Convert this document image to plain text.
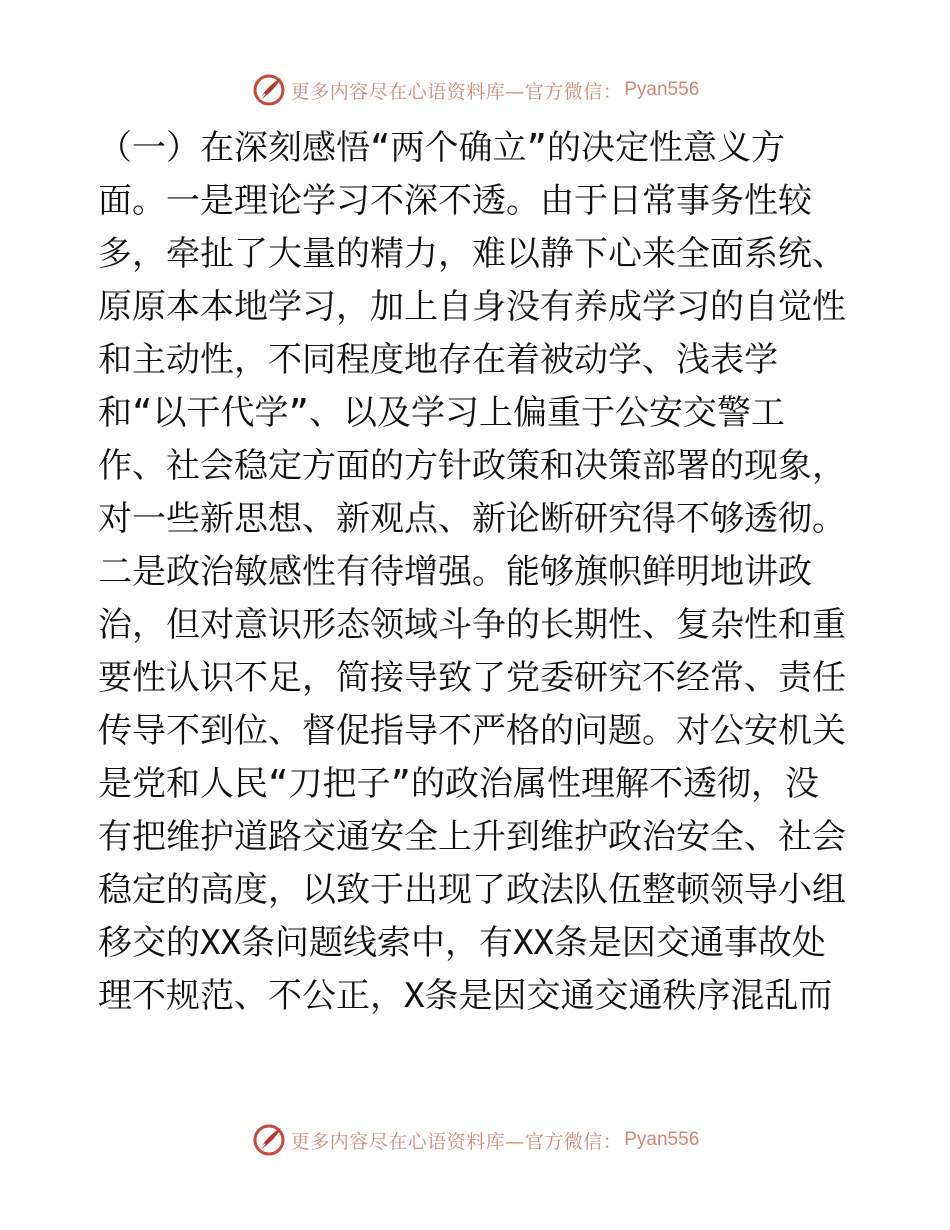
更多内容尽在心语资料库—官方微信： Pyan556
（一）在深刻感悟“两个确立”的决定性意义方
面。一是理论学习不深不透。由于日常事务性较
多，牵扯了大量的精力，难以静下心来全面系统、
原原本本地学习，加上自身没有养成学习的自觉性
和主动性，不同程度地存在着被动学、浅表学
和“以干代学”、以及学习上偏重于公安交警工
作、社会稳定方面的方针政策和决策部署的现象，
对一些新思想、新观点、新论断研究得不够透彻。
二是政治敏感性有待增强。能够旗帜鲜明地讲政
治，但对意识形态领域斗争的长期性、复杂性和重
要性认识不足，简接导致了党委研究不经常、责任
传导不到位、督促指导不严格的问题。对公安机关
是党和人民“刀把子”的政治属性理解不透彻，没
有把维护道路交通安全上升到维护政治安全、社会
稳定的高度，以致于出现了政法队伍整顿领导小组
移交的XX条问题线索中，有XX条是因交通事故处
理不规范、不公正，X条是因交通交通秩序混乱而
更多内容尽在心语资料库—官方微信： Pyan556
